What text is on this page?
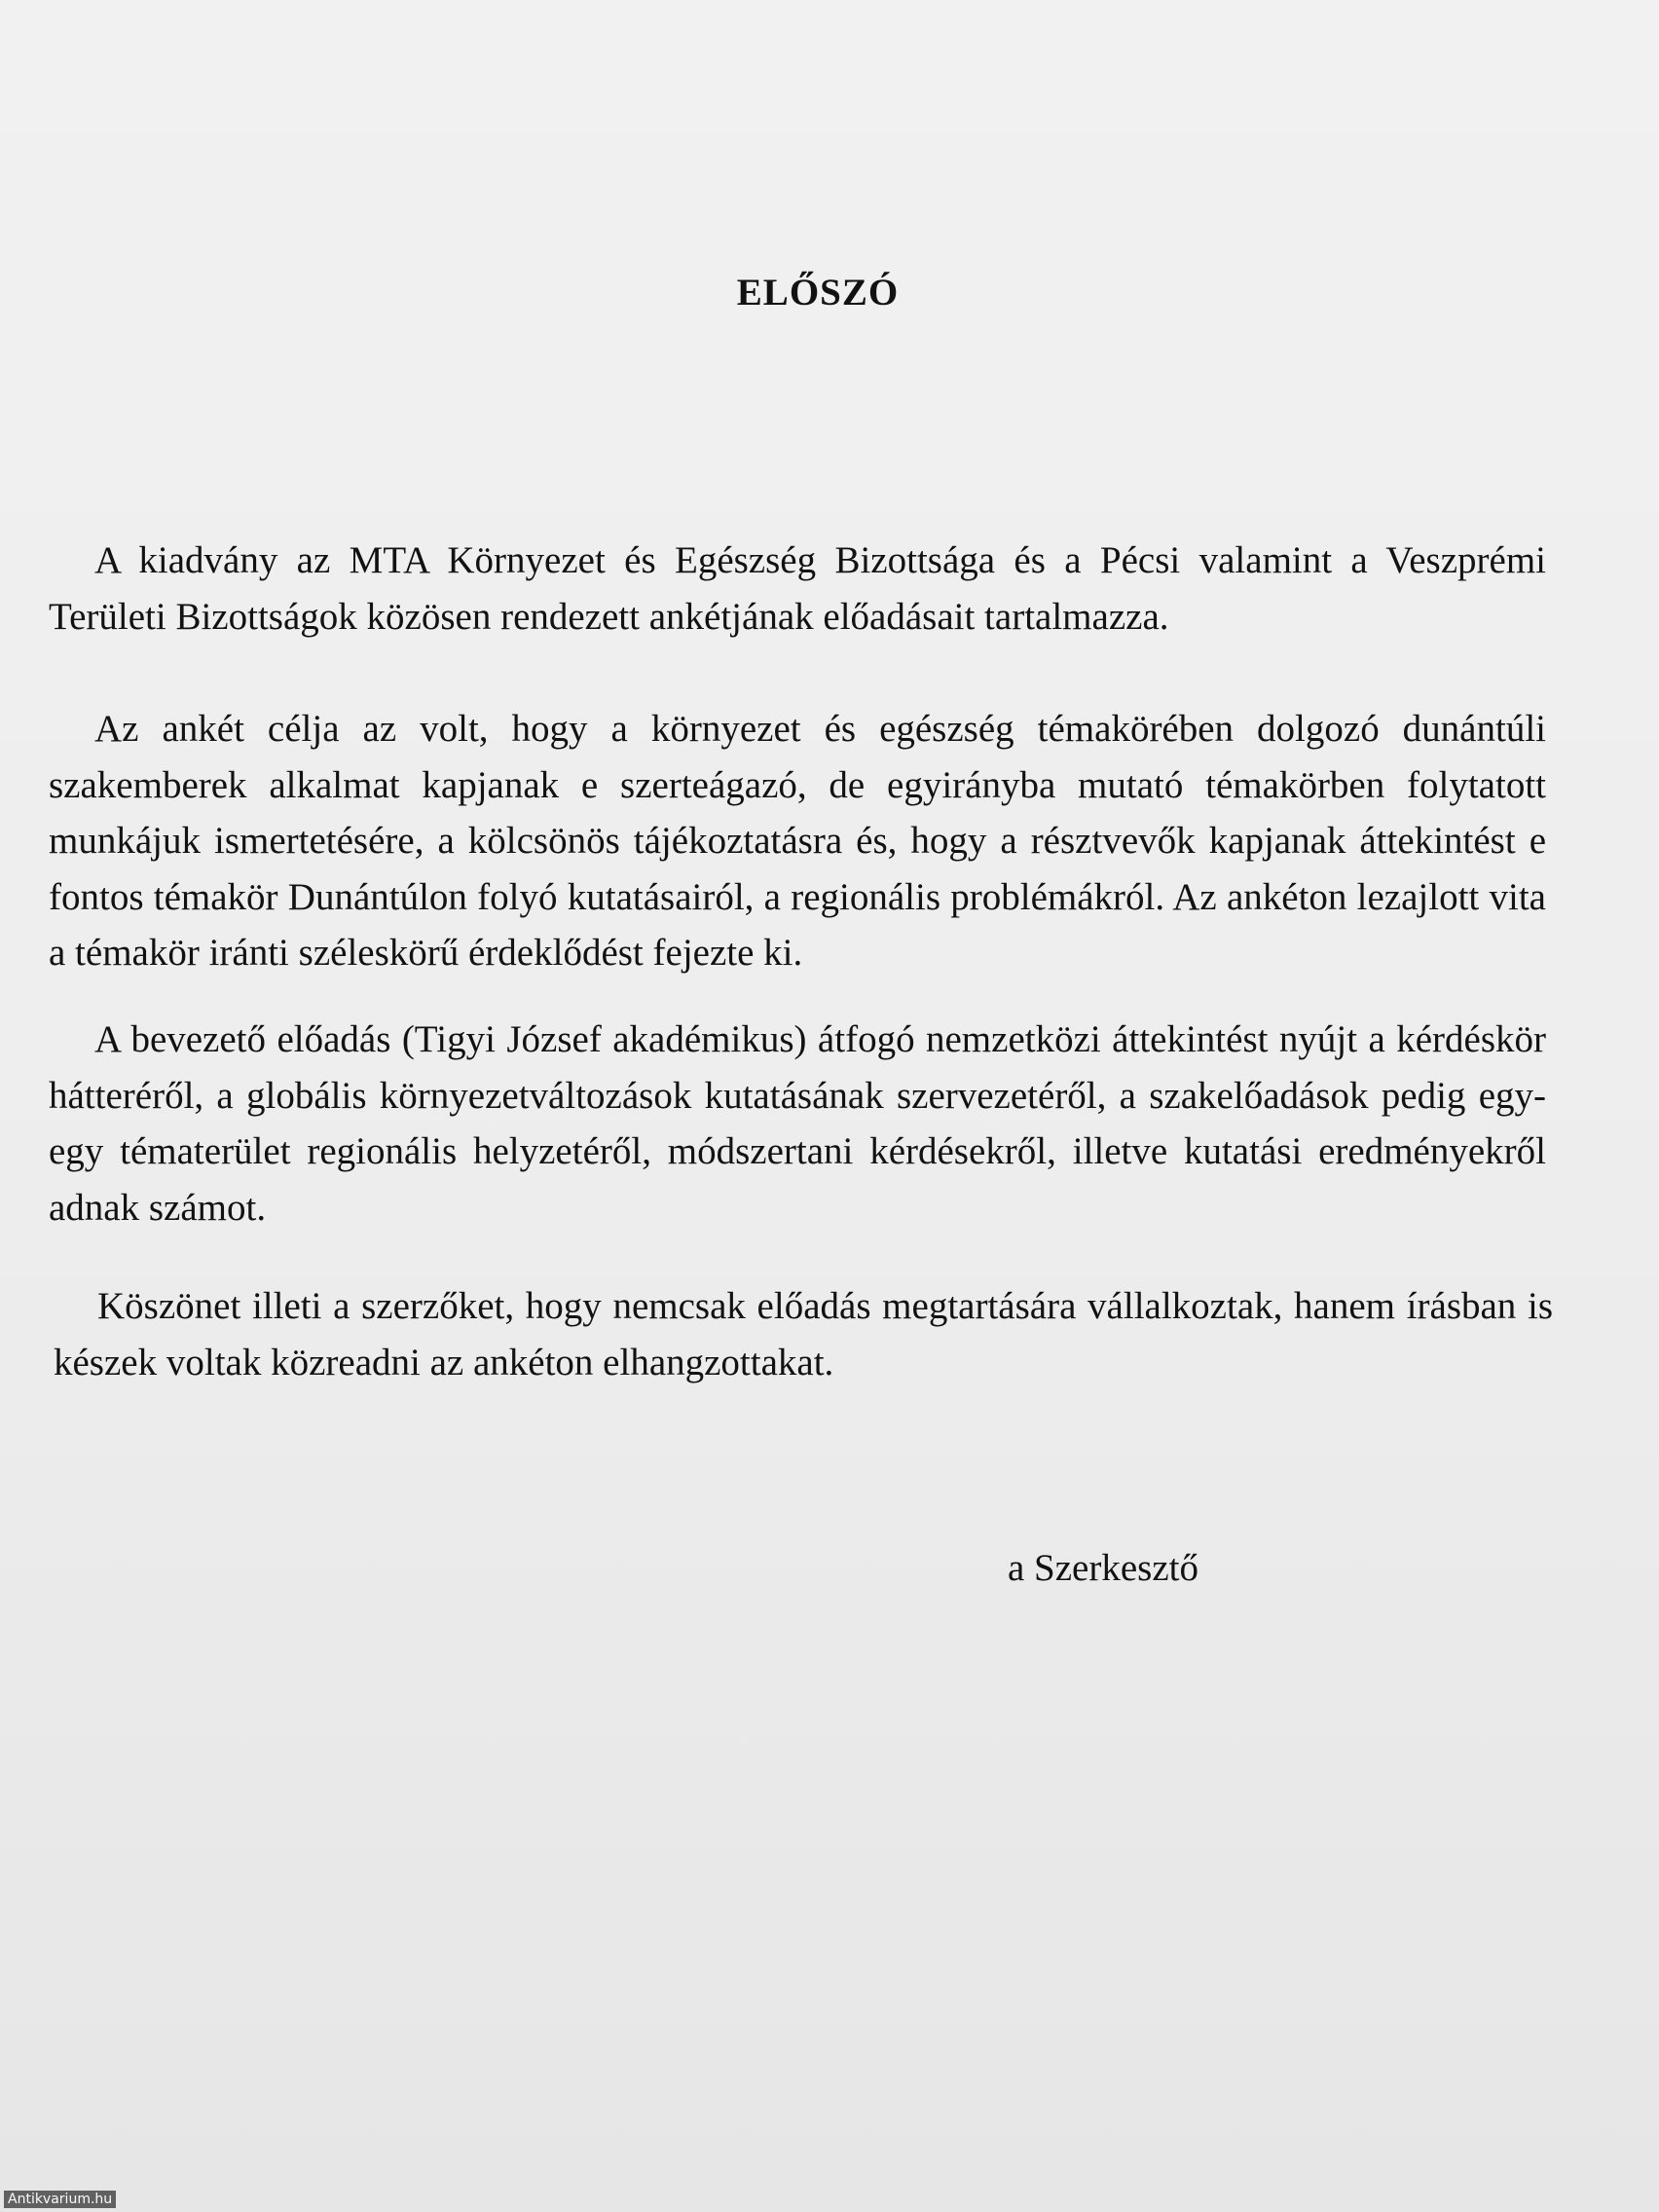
ELŐSZÓ

A kiadvány az MTA Környezet és Egészség Bizottsága és a Pécsi valamint a Veszprémi Területi Bizottságok közösen rendezett ankétjának előadásait tartalmazza.

Az ankét célja az volt, hogy a környezet és egészség témakörében dolgozó dunántúli szakemberek alkalmat kapjanak e szerteágazó, de egyirányba mutató témakörben folytatott munkájuk ismertetésére, a kölcsönös tájékoztatásra és, hogy a résztvevők kapjanak áttekintést e fontos témakör Dunántúlon folyó kutatásairól, a regionális problémákról. Az ankéton lezajlott vita a témakör iránti széleskörű érdeklődést fejezte ki.

A bevezető előadás (Tigyi József akadémikus) átfogó nemzetközi áttekintést nyújt a kérdéskör hátteréről, a globális környezetváltozások kutatásának szervezetéről, a szakelőadások pedig egy-egy tématerület regionális helyzetéről, módszertani kérdésekről, illetve kutatási eredményekről adnak számot.

Köszönet illeti a szerzőket, hogy nemcsak előadás megtartására vállalkoztak, hanem írásban is készek voltak közreadni az ankéton elhangzottakat.

a Szerkesztő
Antikvarium.hu
